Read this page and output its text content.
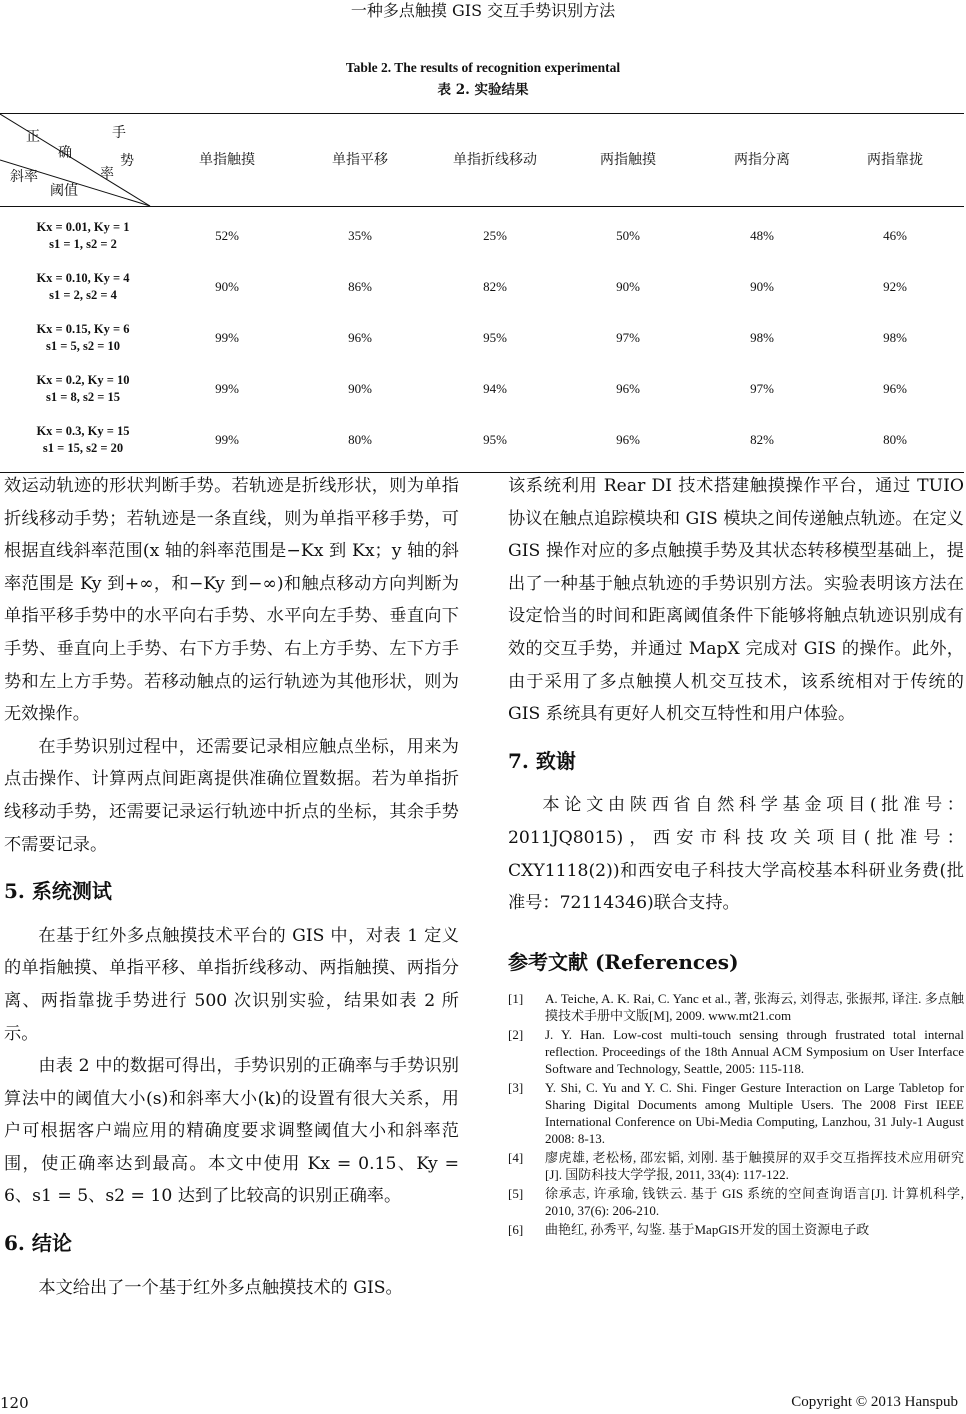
一种多点触摸 GIS 交互手势识别方法
Table 2. The results of recognition experimental
表 2. 实验结果
手
势
率
正
确
斜率
阈值
单指触摸	单指平移	单指折线移动	两指触摸	两指分离	两指靠拢
Kx = 0.01, Ky = 1
s1 = 1, s2 = 2
52%	35%	25%	50%	48%	46%
Kx = 0.10, Ky = 4
s1 = 2, s2 = 4
90%	86%	82%	90%	90%	92%
Kx = 0.15, Ky = 6
s1 = 5, s2 = 10
99%	96%	95%	97%	98%	98%
Kx = 0.2, Ky = 10
s1 = 8, s2 = 15
99%	90%	94%	96%	97%	96%
Kx = 0.3, Ky = 15
s1 = 15, s2 = 20
99%	80%	95%	96%	82%	80%

效运动轨迹的形状判断手势。若轨迹是折线形状，则为单指折线移动手势；若轨迹是一条直线，则为单指平移手势，可根据直线斜率范围(x 轴的斜率范围是−Kx 到 Kx；y 轴的斜率范围是 Ky 到+∞，和−Ky 到−∞)和触点移动方向判断为单指平移手势中的水平向右手势、水平向左手势、垂直向下手势、垂直向上手势、右下方手势、右上方手势、左下方手势和左上方手势。若移动触点的运行轨迹为其他形状，则为无效操作。

在手势识别过程中，还需要记录相应触点坐标，用来为点击操作、计算两点间距离提供准确位置数据。若为单指折线移动手势，还需要记录运行轨迹中折点的坐标，其余手势不需要记录。

5. 系统测试

在基于红外多点触摸技术平台的 GIS 中，对表 1 定义的单指触摸、单指平移、单指折线移动、两指触摸、两指分离、两指靠拢手势进行 500 次识别实验，结果如表 2 所示。

由表 2 中的数据可得出，手势识别的正确率与手势识别算法中的阈值大小(s)和斜率大小(k)的设置有很大关系，用户可根据客户端应用的精确度要求调整阈值大小和斜率范围，使正确率达到最高。本文中使用 Kx = 0.15、Ky = 6、s1 = 5、s2 = 10 达到了比较高的识别正确率。

6. 结论

本文给出了一个基于红外多点触摸技术的 GIS。

该系统利用 Rear DI 技术搭建触摸操作平台，通过 TUIO 协议在触点追踪模块和 GIS 模块之间传递触点轨迹。在定义 GIS 操作对应的多点触摸手势及其状态转移模型基础上，提出了一种基于触点轨迹的手势识别方法。实验表明该方法在设定恰当的时间和距离阈值条件下能够将触点轨迹识别成有效的交互手势，并通过 MapX 完成对 GIS 的操作。此外，由于采用了多点触摸人机交互技术，该系统相对于传统的 GIS 系统具有更好人机交互特性和用户体验。

7. 致谢

本论文由陕西省自然科学基金项目(批准号：2011JQ8015)，西安市科技攻关项目(批准号：CXY1118(2))和西安电子科技大学高校基本科研业务费(批准号：72114346)联合支持。

参考文献 (References)
[1] A. Teiche, A. K. Rai, C. Yanc et al., 著, 张海云, 刘得志, 张振邦, 译注. 多点触摸技术手册中文版[M], 2009. www.mt21.com
[2] J. Y. Han. Low-cost multi-touch sensing through frustrated total internal reflection. Proceedings of the 18th Annual ACM Symposium on User Interface Software and Technology, Seattle, 2005: 115-118.
[3] Y. Shi, C. Yu and Y. C. Shi. Finger Gesture Interaction on Large Tabletop for Sharing Digital Documents among Multiple Users. The 2008 First IEEE International Conference on Ubi-Media Computing, Lanzhou, 31 July-1 August 2008: 8-13.
[4] 廖虎雄, 老松杨, 邵宏韬, 刘刚. 基于触摸屏的双手交互指挥技术应用研究[J]. 国防科技大学学报, 2011, 33(4): 117-122.
[5] 徐承志, 许承瑜, 钱铁云. 基于 GIS 系统的空间查询语言[J]. 计算机科学, 2010, 37(6): 206-210.
[6] 曲艳红, 孙秀平, 勾鉴. 基于MapGIS开发的国土资源电子政
120	Copyright © 2013 Hanspub
